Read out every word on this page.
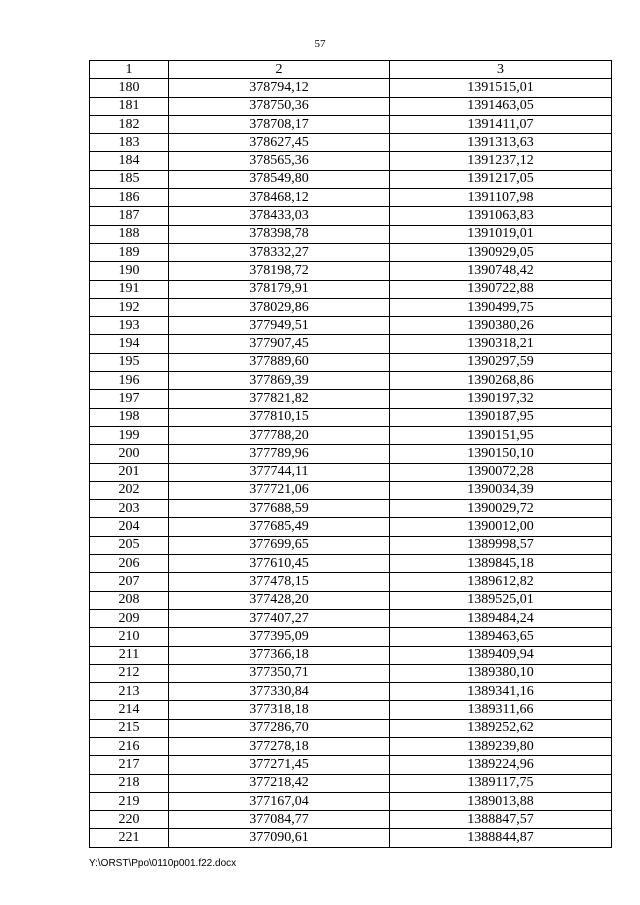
57
1	2	3
180	378794,12	1391515,01
181	378750,36	1391463,05
182	378708,17	1391411,07
183	378627,45	1391313,63
184	378565,36	1391237,12
185	378549,80	1391217,05
186	378468,12	1391107,98
187	378433,03	1391063,83
188	378398,78	1391019,01
189	378332,27	1390929,05
190	378198,72	1390748,42
191	378179,91	1390722,88
192	378029,86	1390499,75
193	377949,51	1390380,26
194	377907,45	1390318,21
195	377889,60	1390297,59
196	377869,39	1390268,86
197	377821,82	1390197,32
198	377810,15	1390187,95
199	377788,20	1390151,95
200	377789,96	1390150,10
201	377744,11	1390072,28
202	377721,06	1390034,39
203	377688,59	1390029,72
204	377685,49	1390012,00
205	377699,65	1389998,57
206	377610,45	1389845,18
207	377478,15	1389612,82
208	377428,20	1389525,01
209	377407,27	1389484,24
210	377395,09	1389463,65
211	377366,18	1389409,94
212	377350,71	1389380,10
213	377330,84	1389341,16
214	377318,18	1389311,66
215	377286,70	1389252,62
216	377278,18	1389239,80
217	377271,45	1389224,96
218	377218,42	1389117,75
219	377167,04	1389013,88
220	377084,77	1388847,57
221	377090,61	1388844,87
Y:\ORST\Ppo\0110p001.f22.docx
